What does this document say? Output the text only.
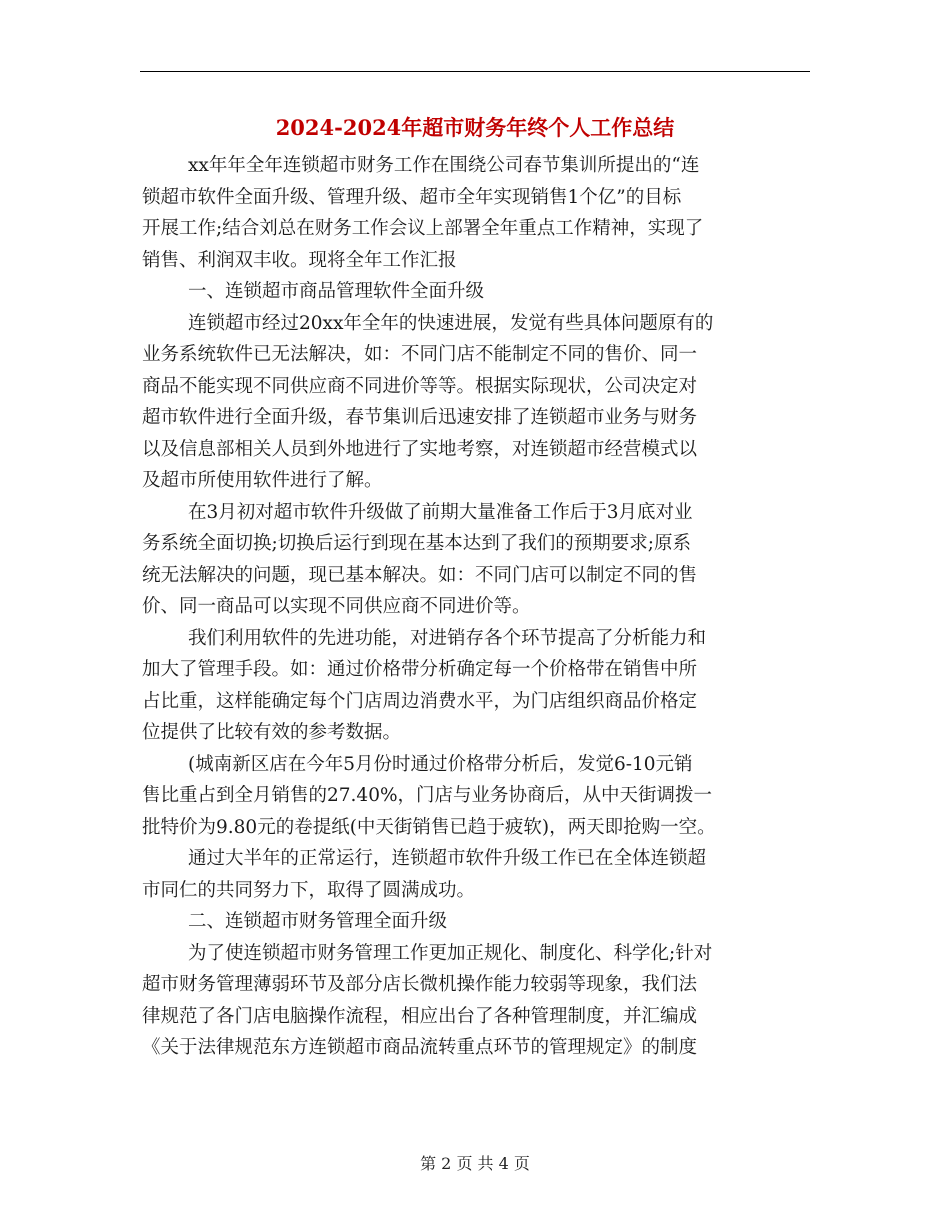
2024-2024年超市财务年终个人工作总结
xx年年全年连锁超市财务工作在围绕公司春节集训所提出的“连
锁超市软件全面升级、管理升级、超市全年实现销售1个亿”的目标
开展工作;结合刘总在财务工作会议上部署全年重点工作精神，实现了
销售、利润双丰收。现将全年工作汇报
一、连锁超市商品管理软件全面升级
连锁超市经过20xx年全年的快速进展，发觉有些具体问题原有的
业务系统软件已无法解决，如：不同门店不能制定不同的售价、同一
商品不能实现不同供应商不同进价等等。根据实际现状，公司决定对
超市软件进行全面升级，春节集训后迅速安排了连锁超市业务与财务
以及信息部相关人员到外地进行了实地考察，对连锁超市经营模式以
及超市所使用软件进行了解。
在3月初对超市软件升级做了前期大量准备工作后于3月底对业
务系统全面切换;切换后运行到现在基本达到了我们的预期要求;原系
统无法解决的问题，现已基本解决。如：不同门店可以制定不同的售
价、同一商品可以实现不同供应商不同进价等。
我们利用软件的先进功能，对进销存各个环节提高了分析能力和
加大了管理手段。如：通过价格带分析确定每一个价格带在销售中所
占比重，这样能确定每个门店周边消费水平，为门店组织商品价格定
位提供了比较有效的参考数据。
(城南新区店在今年5月份时通过价格带分析后，发觉6-10元销
售比重占到全月销售的27.40%，门店与业务协商后，从中天街调拨一
批特价为9.80元的卷提纸(中天街销售已趋于疲软)，两天即抢购一空。
通过大半年的正常运行，连锁超市软件升级工作已在全体连锁超
市同仁的共同努力下，取得了圆满成功。
二、连锁超市财务管理全面升级
为了使连锁超市财务管理工作更加正规化、制度化、科学化;针对
超市财务管理薄弱环节及部分店长微机操作能力较弱等现象，我们法
律规范了各门店电脑操作流程，相应出台了各种管理制度，并汇编成
《关于法律规范东方连锁超市商品流转重点环节的管理规定》的制度
第 2 页 共 4 页
